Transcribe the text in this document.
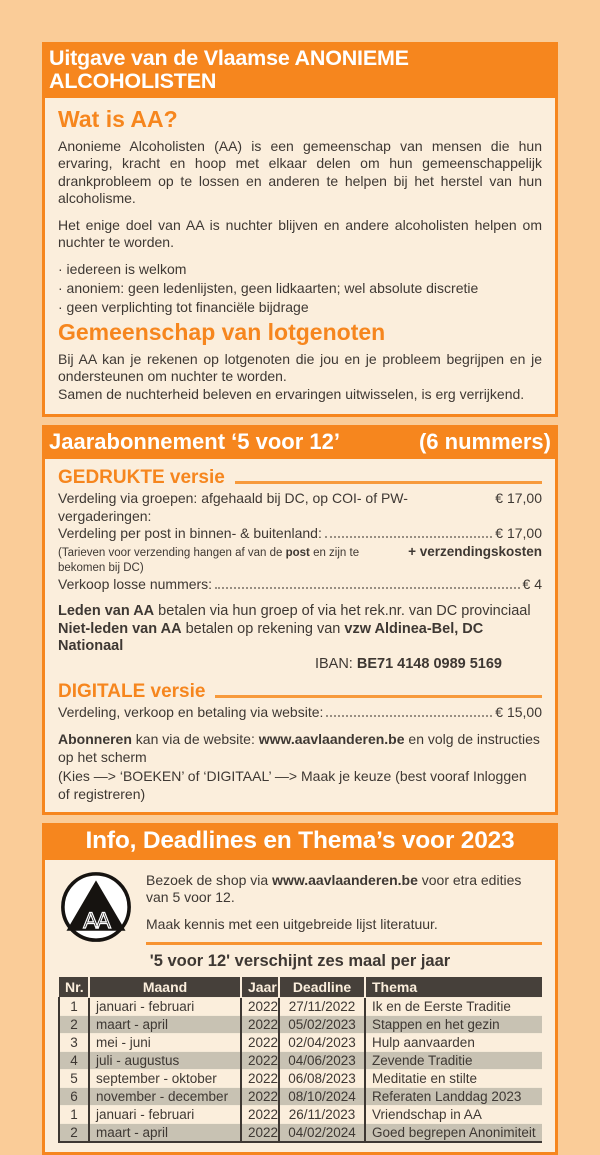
Uitgave van de Vlaamse ANONIEME ALCOHOLISTEN
Wat is AA?

Anonieme Alcoholisten (AA) is een gemeenschap van mensen die hun ervaring, kracht en hoop met elkaar delen om hun gemeenschappelijk drankprobleem op te lossen en anderen te helpen bij het herstel van hun alcoholisme.

Het enige doel van AA is nuchter blijven en andere alcoholisten helpen om nuchter te worden.

· iedereen is welkom
· anoniem: geen ledenlijsten, geen lidkaarten; wel absolute discretie
· geen verplichting tot financiële bijdrage
Gemeenschap van lotgenoten

Bij AA kan je rekenen op lotgenoten die jou en je probleem begrijpen en je ondersteunen om nuchter te worden.

Samen de nuchterheid beleven en ervaringen uitwisselen, is erg verrijkend.

Jaarabonnement ‘5 voor 12’	(6 nummers)
GEDRUKTE versie
Verdeling via groepen: afgehaald bij DC, op COI- of PW-vergaderingen:
€ 17,00
Verdeling per post in binnen- & buitenland:	€ 17,00
(Tarieven voor verzending hangen af van de post en zijn te bekomen bij DC)
+ verzendingskosten
Verkoop losse nummers:	€ 4
Leden van AA betalen via hun groep of via het rek.nr. van DC provinciaal
Niet-leden van AA betalen op rekening van vzw Aldinea-Bel, DC Nationaal
IBAN: BE71 4148 0989 5169
DIGITALE versie
Verdeling, verkoop en betaling via website:	€ 15,00
Abonneren kan via de website: www.aavlaanderen.be en volg de instructies op het scherm
(Kies —> ‘BOEKEN’ of ‘DIGITAAL’ —> Maak je keuze (best vooraf Inloggen of registreren)
Info, Deadlines en Thema’s voor 2023
AA
Bezoek de shop via www.aavlaanderen.be voor etra edities van 5 voor 12.
Maak kennis met een uitgebreide lijst literatuur.
'5 voor 12' verschijnt zes maal per jaar
Nr.	Maand	Jaar	Deadline	Thema
1	januari - februari	2022	27/11/2022	Ik en de Eerste Traditie
2	maart - april	2022	05/02/2023	Stappen en het gezin
3	mei - juni	2022	02/04/2023	Hulp aanvaarden
4	juli - augustus	2022	04/06/2023	Zevende Traditie
5	september - oktober	2022	06/08/2023	Meditatie en stilte
6	november - december	2022	08/10/2024	Referaten Landdag 2023
1	januari - februari	2022	26/11/2023	Vriendschap in AA
2	maart - april	2022	04/02/2024	Goed begrepen Anonimiteit
